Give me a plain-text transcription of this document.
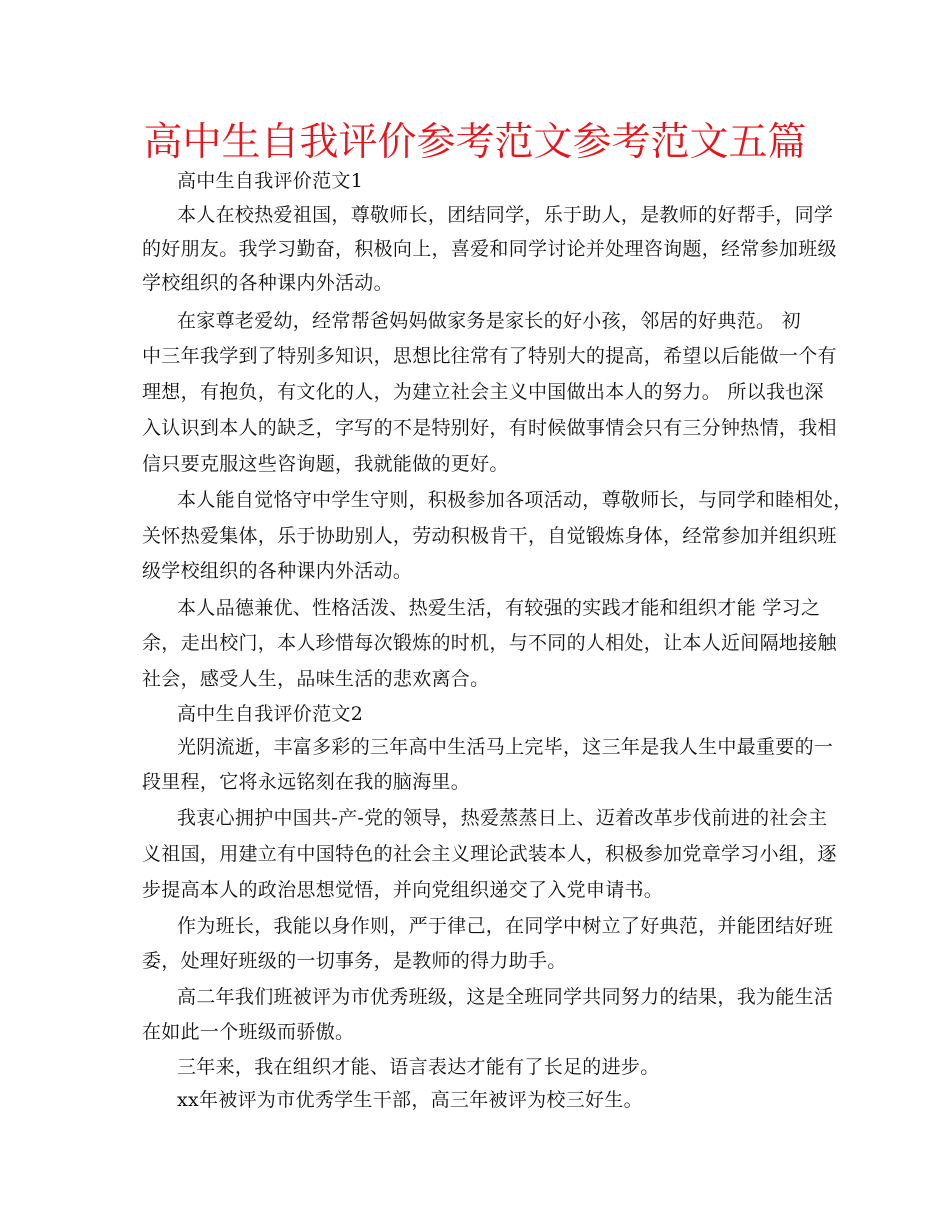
高中生自我评价参考范文参考范文五篇
高中生自我评价范文1
本人在校热爱祖国，尊敬师长，团结同学，乐于助人，是教师的好帮手，同学
的好朋友。我学习勤奋，积极向上，喜爱和同学讨论并处理咨询题，经常参加班级
学校组织的各种课内外活动。
在家尊老爱幼，经常帮爸妈妈做家务是家长的好小孩，邻居的好典范。 初
中三年我学到了特别多知识，思想比往常有了特别大的提高，希望以后能做一个有
理想，有抱负，有文化的人，为建立社会主义中国做出本人的努力。 所以我也深
入认识到本人的缺乏，字写的不是特别好，有时候做事情会只有三分钟热情，我相
信只要克服这些咨询题，我就能做的更好。
本人能自觉恪守中学生守则，积极参加各项活动，尊敬师长，与同学和睦相处，
关怀热爱集体，乐于协助别人，劳动积极肯干，自觉锻炼身体，经常参加并组织班
级学校组织的各种课内外活动。
本人品德兼优、性格活泼、热爱生活，有较强的实践才能和组织才能 学习之
余，走出校门，本人珍惜每次锻炼的时机，与不同的人相处，让本人近间隔地接触
社会，感受人生，品味生活的悲欢离合。
高中生自我评价范文2
光阴流逝，丰富多彩的三年高中生活马上完毕，这三年是我人生中最重要的一
段里程，它将永远铭刻在我的脑海里。
我衷心拥护中国共-产-党的领导，热爱蒸蒸日上、迈着改革步伐前进的社会主
义祖国，用建立有中国特色的社会主义理论武装本人，积极参加党章学习小组，逐
步提高本人的政治思想觉悟，并向党组织递交了入党申请书。
作为班长，我能以身作则，严于律己，在同学中树立了好典范，并能团结好班
委，处理好班级的一切事务，是教师的得力助手。
高二年我们班被评为市优秀班级，这是全班同学共同努力的结果，我为能生活
在如此一个班级而骄傲。
三年来，我在组织才能、语言表达才能有了长足的进步。
xx年被评为市优秀学生干部，高三年被评为校三好生。
